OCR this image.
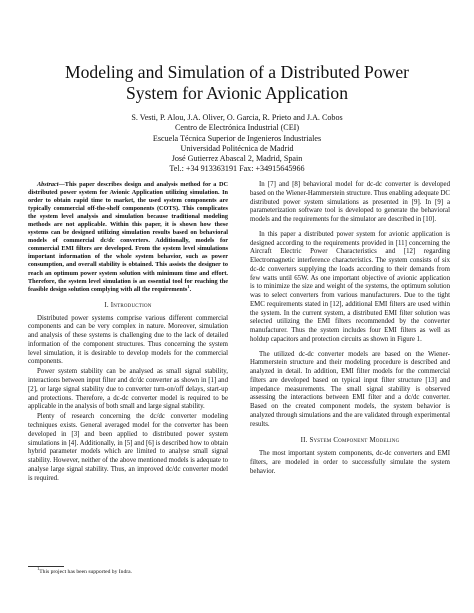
Modeling and Simulation of a Distributed Power System for Avionic Application
S. Vesti, P. Alou, J.A. Oliver, O. Garcia, R. Prieto and J.A. Cobos
Centro de Electrónica Industrial (CEI)
Escuela Técnica Superior de Ingenieros Industriales
Universidad Politécnica de Madrid
José Gutierrez Abascal 2, Madrid, Spain
Tel.: +34 913363191 Fax: +34915645966

Abstract—This paper describes design and analysis method for a DC distributed power system for Avionic Application utilizing simulation. In order to obtain rapid time to market, the used system components are typically commercial off-the-shelf components (COTS). This complicates the system level analysis and simulation because traditional modeling methods are not applicable. Within this paper, it is shown how these systems can be designed utilizing simulation results based on behavioral models of commercial dc/dc converters. Additionally, models for commercial EMI filters are developed. From the system level simulations important information of the whole system behavior, such as power consumption, and overall stability is obtained. This assists the designer to reach an optimum power system solution with minimum time and effort. Therefore, the system level simulation is an essential tool for reaching the feasible design solution complying with all the requirements$^1$.

I. Introduction

Distributed power systems comprise various different commercial components and can be very complex in nature. Moreover, simulation and analysis of these systems is challenging due to the lack of detailed information of the component structures. Thus concerning the system level simulation, it is desirable to develop models for the commercial components.

Power system stability can be analysed as small signal stability, interactions between input filter and dc/dc converter as shown in [1] and [2], or large signal stability due to converter turn-on/off delays, start-up and protections. Therefore, a dc-dc converter model is required to be applicable in the analysis of both small and large signal stability.

Plenty of research concerning the dc/dc converter modeling techniques exists. General averaged model for the converter has been developed in [3] and been applied to distributed power system simulations in [4]. Additionally, in [5] and [6] is described how to obtain hybrid parameter models which are limited to analyse small signal stability. However, neither of the above mentioned models is adequate to analyse large signal stability. Thus, an improved dc/dc converter model is required.

$^1$This project has been supported by Indra.

In [7] and [8] behavioral model for dc-dc converter is developed based on the Wiener-Hammerstein structure. Thus enabling adequate DC distributed power system simulations as presented in [9]. In [9] a parameterization software tool is developed to generate the behavioral models and the requirements for the simulator are described in [10].

In this paper a distributed power system for avionic application is designed according to the requirements provided in [11] concerning the Aircraft Electric Power Characteristics and [12] regarding Electromagnetic interference characteristics. The system consists of six dc-dc converters supplying the loads according to their demands from few watts until 65W. As one important objective of avionic application is to minimize the size and weight of the systems, the optimum solution was to select converters from various manufacturers. Due to the tight EMC requirements stated in [12], additional EMI filters are used within the system. In the current system, a distributed EMI filter solution was selected utilizing the EMI filters recommended by the converter manufacturer. Thus the system includes four EMI filters as well as holdup capacitors and protection circuits as shown in Figure 1.

The utilized dc-dc converter models are based on the Wiener-Hammerstein structure and their modeling procedure is described and analyzed in detail. In addition, EMI filter models for the commercial filters are developed based on typical input filter structure [13] and impedance measurements. The small signal stability is observed assessing the interactions between EMI filter and a dc/dc converter. Based on the created component models, the system behavior is analyzed through simulations and the are validated through experimental results.

II. System Component Modeling

The most important system components, dc-dc converters and EMI filters, are modeled in order to successfully simulate the system behavior.
